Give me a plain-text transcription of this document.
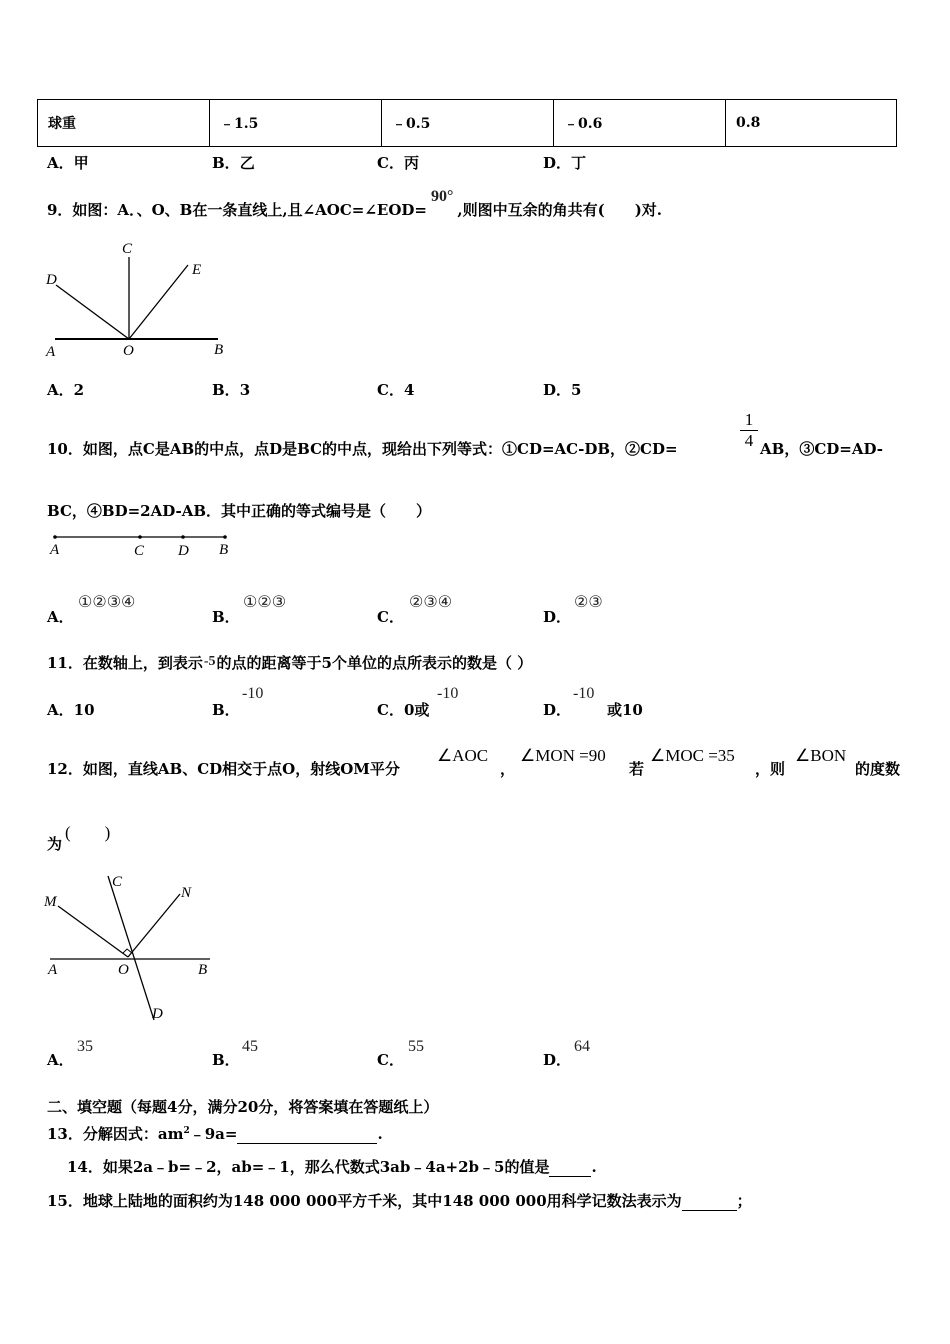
球重	﹣1.5	﹣0.5	﹣0.6	0.8
A．甲	B．乙	C．丙	D．丁
9．如图：A．、O、B在一条直线上,且∠AOC=∠EOD=90°,则图中互余的角共有(　　)对.
C
D
E
A	O	B
A．2	B．3	C．4	D．5
10．如图，点C是AB的中点，点D是BC的中点，现给出下列等式：①CD=AC-DB，②CD=	$\frac{1}{4}$ AB，③CD=AD-
BC，④BD=2AD-AB．其中正确的等式编号是（　　）
A	C D B
A．
①②③④
B．
①②③
C．
②③④
D．
②③
11．在数轴上，到表示-5的点的距离等于5个单位的点所表示的数是（ ）
A．10	B．
-10
C．0或
-10
D．
-10
或10
12．如图，直线AB、CD相交于点O，射线OM平分
∠AOC
，
∠MON =90
若
∠MOC =35
，则
∠BON
的度数
为
(　　)
C
M
N
A	O	B
D
A．
35
B．
45
C．
55
D．
64
二、填空题（每题4分，满分20分，将答案填在答题纸上）
13．分解因式：$am^2﹣9a=$	.
14．如果2a﹣b=﹣2，ab=﹣1，那么代数式3ab﹣4a+2b﹣5的值是	.
15．地球上陆地的面积约为148 000 000平方千米，其中148 000 000用科学记数法表示为	；
